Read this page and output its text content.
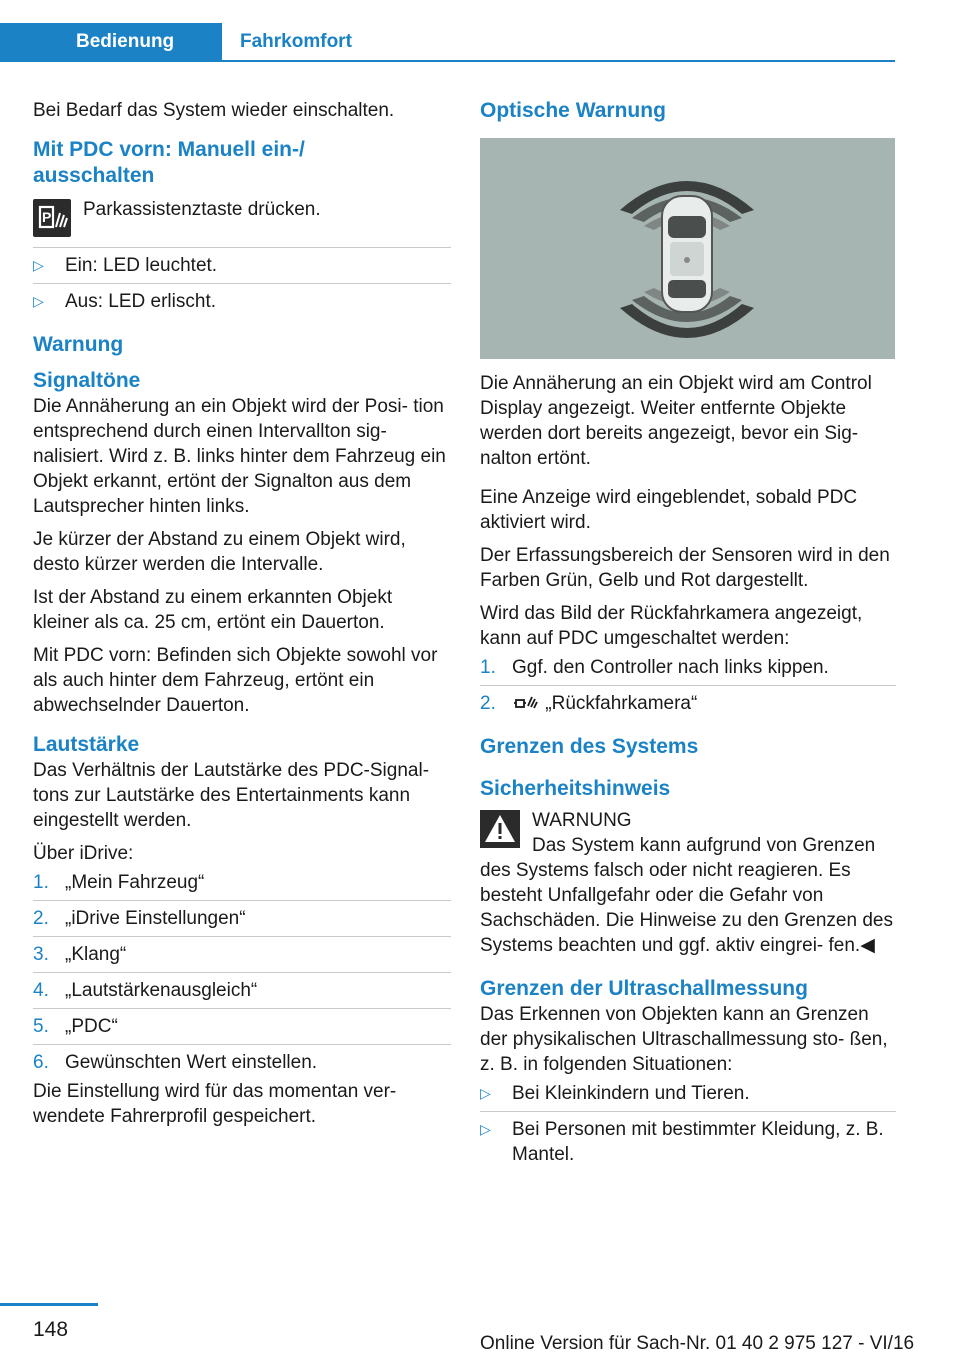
Bedienung	Fahrkomfort

Bei Bedarf das System wieder einschalten.

Mit PDC vorn: Manuell ein-/ ausschalten
P Parkassistenztaste drücken.
▷ Ein: LED leuchtet.
▷ Aus: LED erlischt.
Warnung
Signaltöne

Die Annäherung an ein Objekt wird der Posi‐ tion entsprechend durch einen Intervallton sig‐ nalisiert. Wird z. B. links hinter dem Fahrzeug ein Objekt erkannt, ertönt der Signalton aus dem Lautsprecher hinten links.

Je kürzer der Abstand zu einem Objekt wird, desto kürzer werden die Intervalle.

Ist der Abstand zu einem erkannten Objekt kleiner als ca. 25 cm, ertönt ein Dauerton.

Mit PDC vorn: Befinden sich Objekte sowohl vor als auch hinter dem Fahrzeug, ertönt ein abwechselnder Dauerton.

Lautstärke

Das Verhältnis der Lautstärke des PDC-Signal‐ tons zur Lautstärke des Entertainments kann eingestellt werden.

Über iDrive:

1. „Mein Fahrzeug“
2. „iDrive Einstellungen“
3. „Klang“
4. „Lautstärkenausgleich“
5. „PDC“
6. Gewünschten Wert einstellen.

Die Einstellung wird für das momentan ver‐ wendete Fahrerprofil gespeichert.

Optische Warnung

Die Annäherung an ein Objekt wird am Control Display angezeigt. Weiter entfernte Objekte werden dort bereits angezeigt, bevor ein Sig‐ nalton ertönt.

Eine Anzeige wird eingeblendet, sobald PDC aktiviert wird.

Der Erfassungsbereich der Sensoren wird in den Farben Grün, Gelb und Rot dargestellt.

Wird das Bild der Rückfahrkamera angezeigt, kann auf PDC umgeschaltet werden:

1. Ggf. den Controller nach links kippen.
2.	„Rückfahrkamera“
Grenzen des Systems
Sicherheitshinweis
WARNUNG
Das System kann aufgrund von Grenzen des Systems falsch oder nicht reagieren. Es besteht Unfallgefahr oder die Gefahr von Sachschäden. Die Hinweise zu den Grenzen des Systems beachten und ggf. aktiv eingrei‐ fen.◀
Grenzen der Ultraschallmessung

Das Erkennen von Objekten kann an Grenzen der physikalischen Ultraschallmessung sto‐ ßen, z. B. in folgenden Situationen:

▷ Bei Kleinkindern und Tieren.
▷ Bei Personen mit bestimmter Kleidung, z. B. Mantel.
148
Online Version für Sach-Nr. 01 40 2 975 127 - VI/16
